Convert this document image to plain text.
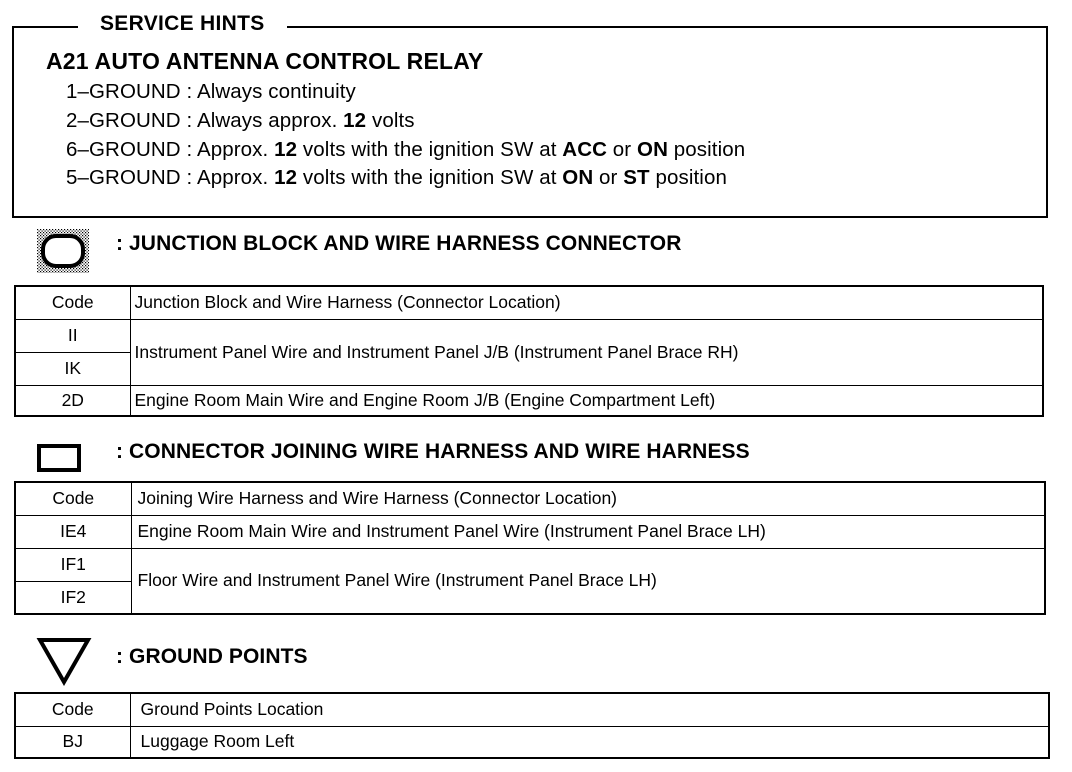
SERVICE HINTS
A21 AUTO ANTENNA CONTROL RELAY
1–GROUND : Always continuity
2–GROUND : Always approx. 12 volts
6–GROUND : Approx. 12 volts with the ignition SW at ACC or ON position
5–GROUND : Approx. 12 volts with the ignition SW at ON or ST position
: JUNCTION BLOCK AND WIRE HARNESS CONNECTOR
Code	Junction Block and Wire Harness (Connector Location)
II	Instrument Panel Wire and Instrument Panel J/B (Instrument Panel Brace RH)
IK	
2D	Engine Room Main Wire and Engine Room J/B (Engine Compartment Left)
: CONNECTOR JOINING WIRE HARNESS AND WIRE HARNESS
Code	Joining Wire Harness and Wire Harness (Connector Location)
IE4	Engine Room Main Wire and Instrument Panel Wire (Instrument Panel Brace LH)
IF1	Floor Wire and Instrument Panel Wire (Instrument Panel Brace LH)
IF2	
: GROUND POINTS
Code	Ground Points Location
BJ	Luggage Room Left
